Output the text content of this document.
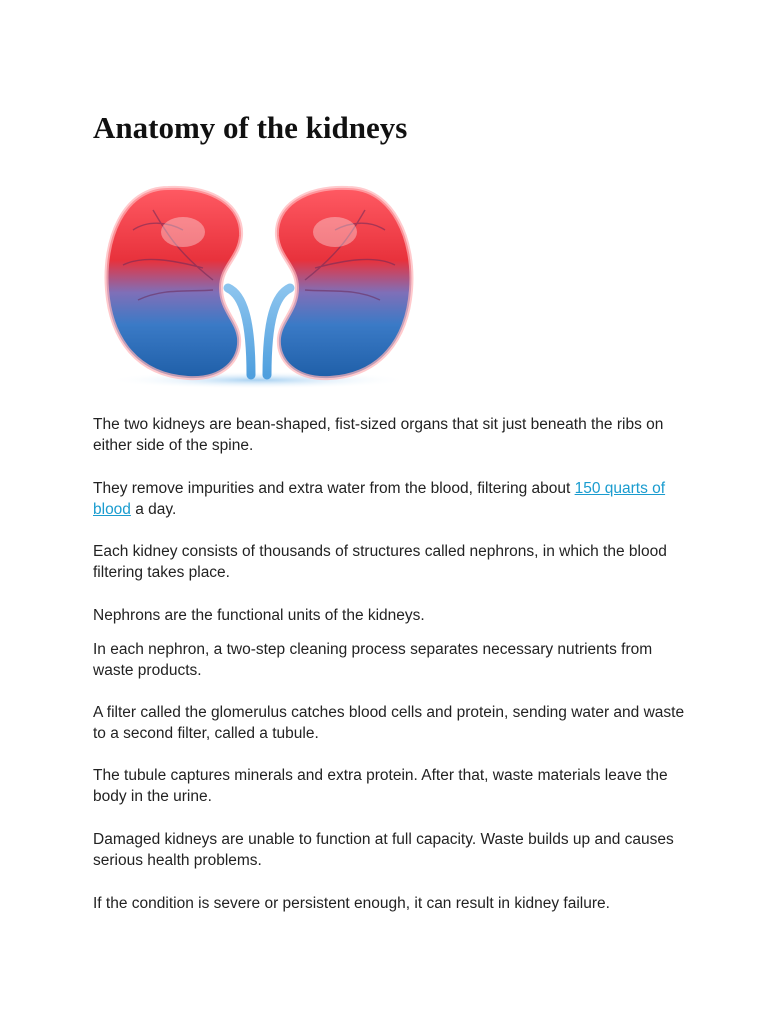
Anatomy of the kidneys

The two kidneys are bean-shaped, fist-sized organs that sit just beneath the ribs on either side of the spine.

They remove impurities and extra water from the blood, filtering about 150 quarts of blood a day.

Each kidney consists of thousands of structures called nephrons, in which the blood filtering takes place.

Nephrons are the functional units of the kidneys.

In each nephron, a two-step cleaning process separates necessary nutrients from waste products.

A filter called the glomerulus catches blood cells and protein, sending water and waste to a second filter, called a tubule.

The tubule captures minerals and extra protein. After that, waste materials leave the body in the urine.

Damaged kidneys are unable to function at full capacity. Waste builds up and causes serious health problems.

If the condition is severe or persistent enough, it can result in kidney failure.
